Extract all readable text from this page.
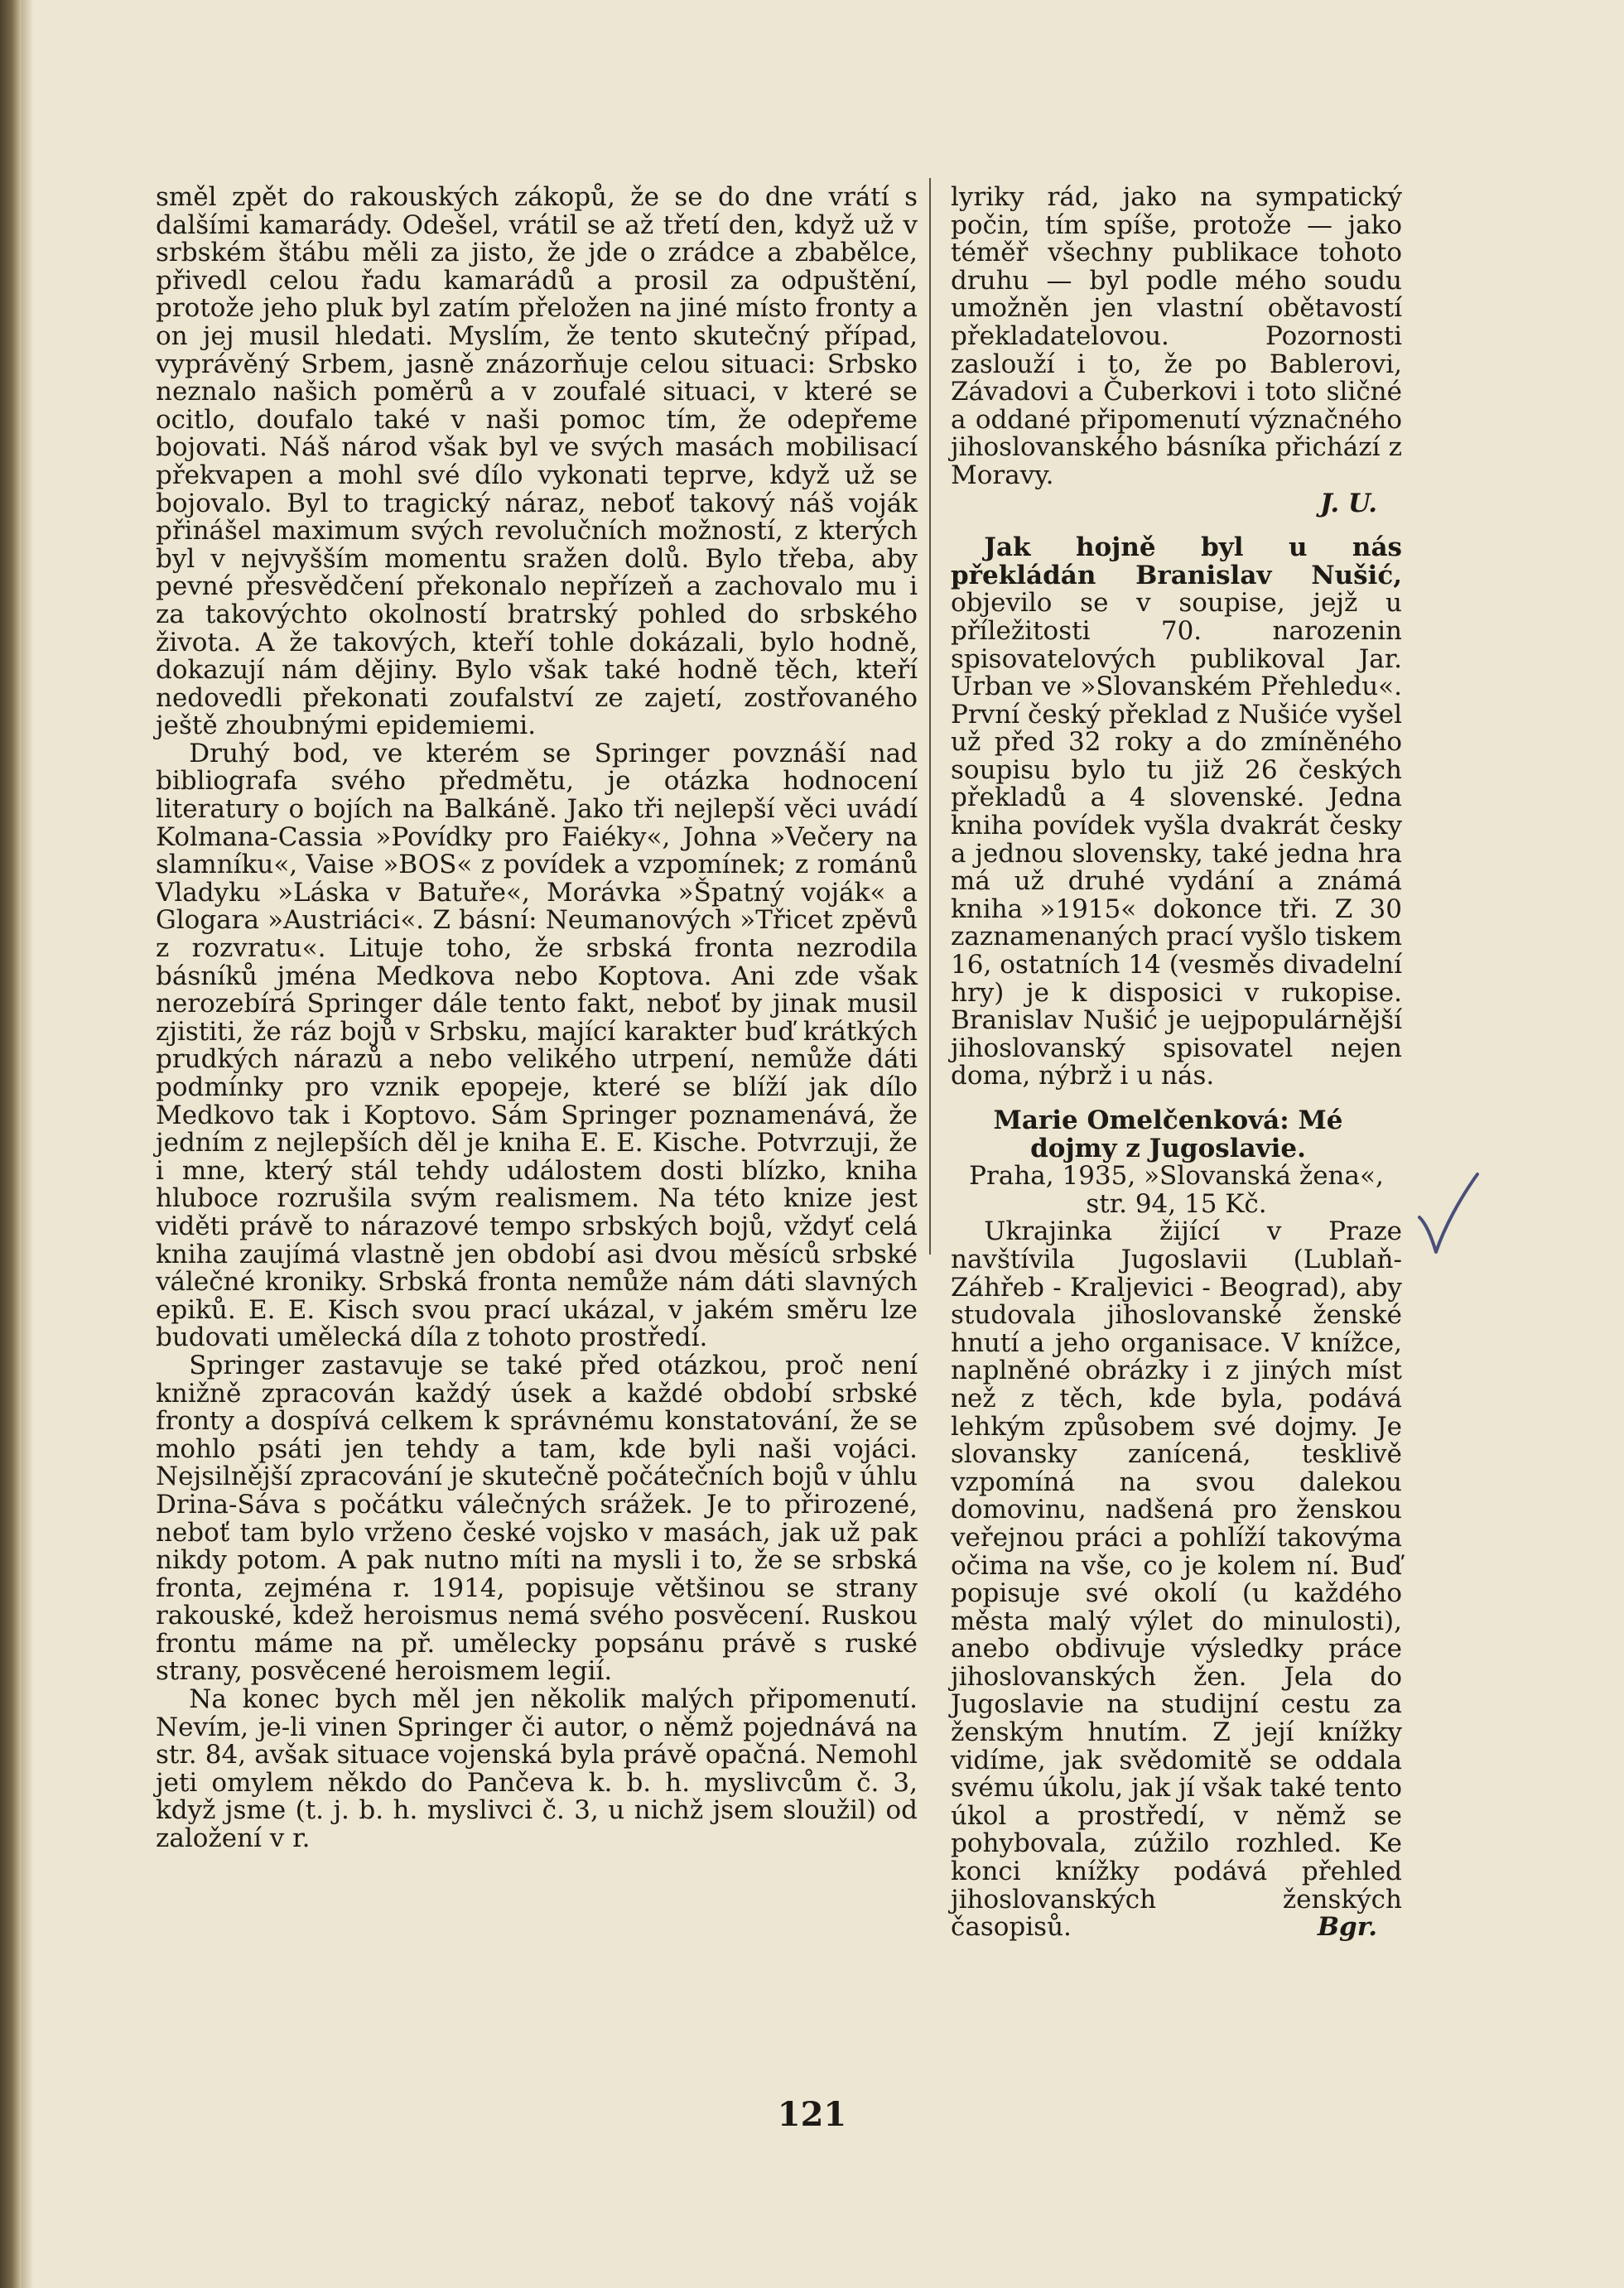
směl zpět do rakouských zákopů, že se do dne vrátí s dalšími kamarády. Odešel, vrátil se až třetí den, když už v srbském štábu měli za jisto, že jde o zrádce a zbabělce, přivedl celou řadu kamarádů a prosil za odpuštění, protože jeho pluk byl zatím přeložen na jiné místo fronty a on jej musil hledati. Myslím, že tento skutečný případ, vyprávěný Srbem, jasně znázorňuje celou situaci: Srbsko neznalo našich poměrů a v zoufalé situaci, v které se ocitlo, doufalo také v naši pomoc tím, že odepřeme bojovati. Náš národ však byl ve svých masách mobilisací překvapen a mohl své dílo vykonati teprve, když už se bojovalo. Byl to tragický náraz, neboť takový náš voják přinášel maximum svých revolučních možností, z kterých byl v nejvyšším momentu sražen dolů. Bylo třeba, aby pevné přesvědčení překonalo nepřízeň a zachovalo mu i za takovýchto okolností bratrský pohled do srbského života. A že takových, kteří tohle dokázali, bylo hodně, dokazují nám dějiny. Bylo však také hodně těch, kteří nedovedli překonati zoufalství ze zajetí, zostřovaného ještě zhoubnými epidemiemi.

Druhý bod, ve kterém se Springer povznáší nad bibliografa svého předmětu, je otázka hodnocení literatury o bojích na Balkáně. Jako tři nejlepší věci uvádí Kolmana-Cassia »Povídky pro Faiéky«, Johna »Večery na slamníku«, Vaise »BOS« z povídek a vzpomínek; z románů Vladyku »Láska v Batuře«, Morávka »Špatný voják« a Glogara »Austriáci«. Z básní: Neumanových »Třicet zpěvů z rozvratu«. Lituje toho, že srbská fronta nezrodila básníků jména Medkova nebo Koptova. Ani zde však nerozebírá Springer dále tento fakt, neboť by jinak musil zjistiti, že ráz bojů v Srbsku, mající karakter buď krátkých prudkých nárazů a nebo velikého utrpení, nemůže dáti podmínky pro vznik epopeje, které se blíží jak dílo Medkovo tak i Koptovo. Sám Springer poznamenává, že jedním z nejlepších děl je kniha E. E. Kische. Potvrzuji, že i mne, který stál tehdy událostem dosti blízko, kniha hluboce rozrušila svým realismem. Na této knize jest viděti právě to nárazové tempo srbských bojů, vždyť celá kniha zaujímá vlastně jen období asi dvou měsíců srbské válečné kroniky. Srbská fronta nemůže nám dáti slavných epiků. E. E. Kisch svou prací ukázal, v jakém směru lze budovati umělecká díla z tohoto prostředí.

Springer zastavuje se také před otázkou, proč není knižně zpracován každý úsek a každé období srbské fronty a dospívá celkem k správnému konstatování, že se mohlo psáti jen tehdy a tam, kde byli naši vojáci. Nejsilnější zpracování je skutečně počátečních bojů v úhlu Drina-Sáva s počátku válečných srážek. Je to přirozené, neboť tam bylo vrženo české vojsko v masách, jak už pak nikdy potom. A pak nutno míti na mysli i to, že se srbská fronta, zejména r. 1914, popisuje většinou se strany rakouské, kdež heroismus nemá svého posvěcení. Ruskou frontu máme na př. umělecky popsánu právě s ruské strany, posvěcené heroismem legií.

Na konec bych měl jen několik malých připomenutí. Nevím, je-li vinen Springer či autor, o němž pojednává na str. 84, avšak situace vojenská byla právě opačná. Nemohl jeti omylem někdo do Pančeva k. b. h. myslivcům č. 3, když jsme (t. j. b. h. myslivci č. 3, u nichž jsem sloužil) od založení v r.

lyriky rád, jako na sympatický počin, tím spíše, protože — jako téměř všechny publikace tohoto druhu — byl podle mého soudu umožněn jen vlastní obětavostí překladatelovou. Pozornosti zaslouží i to, že po Bablerovi, Závadovi a Čuberkovi i toto sličné a oddané připomenutí význačného jihoslovanského básníka přichází z Moravy.

J. U.

Jak hojně byl u nás překládán Branislav Nušić, objevilo se v soupise, jejž u příležitosti 70. narozenin spisovatelových publikoval Jar. Urban ve »Slovanském Přehledu«. První český překlad z Nušiće vyšel už před 32 roky a do zmíněného soupisu bylo tu již 26 českých překladů a 4 slovenské. Jedna kniha povídek vyšla dvakrát česky a jednou slovensky, také jedna hra má už druhé vydání a známá kniha »1915« dokonce tři. Z 30 zaznamenaných prací vyšlo tiskem 16, ostatních 14 (vesměs divadelní hry) je k disposici v rukopise. Branislav Nušić je uejpopulárnější jihoslovanský spisovatel nejen doma, nýbrž i u nás.

Marie Omelčenková: Mé dojmy z Jugoslavie.

Praha, 1935, »Slovanská žena«, str. 94, 15 Kč.

Ukrajinka žijící v Praze navštívila Jugoslavii (Lublaň-Záhřeb - Kraljevici - Beograd), aby studovala jihoslovanské ženské hnutí a jeho organisace. V knížce, naplněné obrázky i z jiných míst než z těch, kde byla, podává lehkým způsobem své dojmy. Je slovansky zanícená, tesklivě vzpomíná na svou dalekou domovinu, nadšená pro ženskou veřejnou práci a pohlíží takovýma očima na vše, co je kolem ní. Buď popisuje své okolí (u každého města malý výlet do minulosti), anebo obdivuje výsledky práce jihoslovanských žen. Jela do Jugoslavie na studijní cestu za ženským hnutím. Z její knížky vidíme, jak svědomitě se oddala svému úkolu, jak jí však také tento úkol a prostředí, v němž se pohybovala, zúžilo rozhled. Ke konci knížky podává přehled jihoslovanských ženských časopisů.	Bgr.

121
